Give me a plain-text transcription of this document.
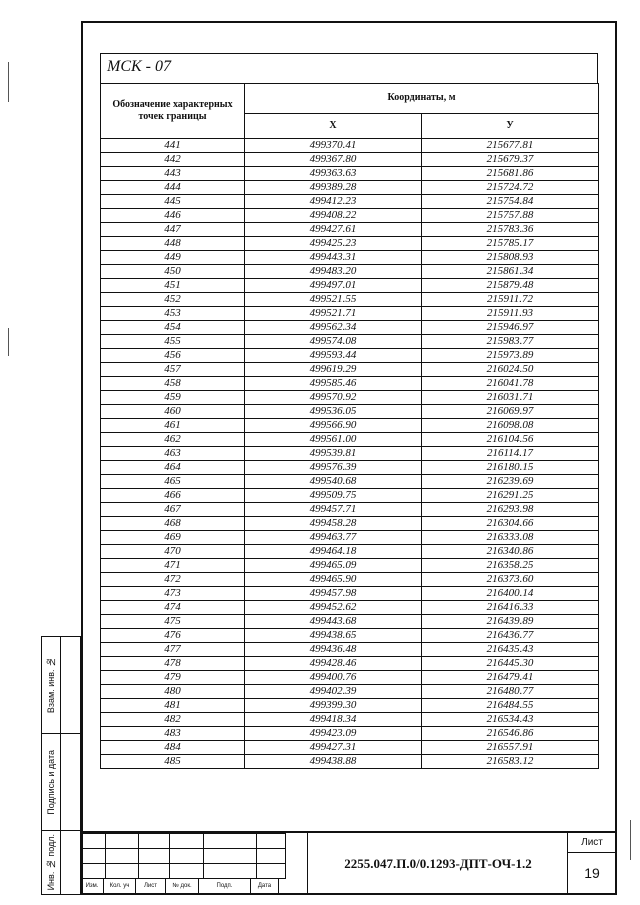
МСК - 07
Обозначение характерных точек границы	Координаты, м	
	X	У
441	499370.41	215677.81
442	499367.80	215679.37
443	499363.63	215681.86
444	499389.28	215724.72
445	499412.23	215754.84
446	499408.22	215757.88
447	499427.61	215783.36
448	499425.23	215785.17
449	499443.31	215808.93
450	499483.20	215861.34
451	499497.01	215879.48
452	499521.55	215911.72
453	499521.71	215911.93
454	499562.34	215946.97
455	499574.08	215983.77
456	499593.44	215973.89
457	499619.29	216024.50
458	499585.46	216041.78
459	499570.92	216031.71
460	499536.05	216069.97
461	499566.90	216098.08
462	499561.00	216104.56
463	499539.81	216114.17
464	499576.39	216180.15
465	499540.68	216239.69
466	499509.75	216291.25
467	499457.71	216293.98
468	499458.28	216304.66
469	499463.77	216333.08
470	499464.18	216340.86
471	499465.09	216358.25
472	499465.90	216373.60
473	499457.98	216400.14
474	499452.62	216416.33
475	499443.68	216439.89
476	499438.65	216436.77
477	499436.48	216435.43
478	499428.46	216445.30
479	499400.76	216479.41
480	499402.39	216480.77
481	499399.30	216484.55
482	499418.34	216534.43
483	499423.09	216546.86
484	499427.31	216557.91
485	499438.88	216583.12
Взам. инв. №
Подпись и дата
Инв. № подл.

						Изм.	Кол. уч	Лист	№ док.	Подп.	Дата
2255.047.П.0/0.1293-ДПТ-ОЧ-1.2
Лист
19
